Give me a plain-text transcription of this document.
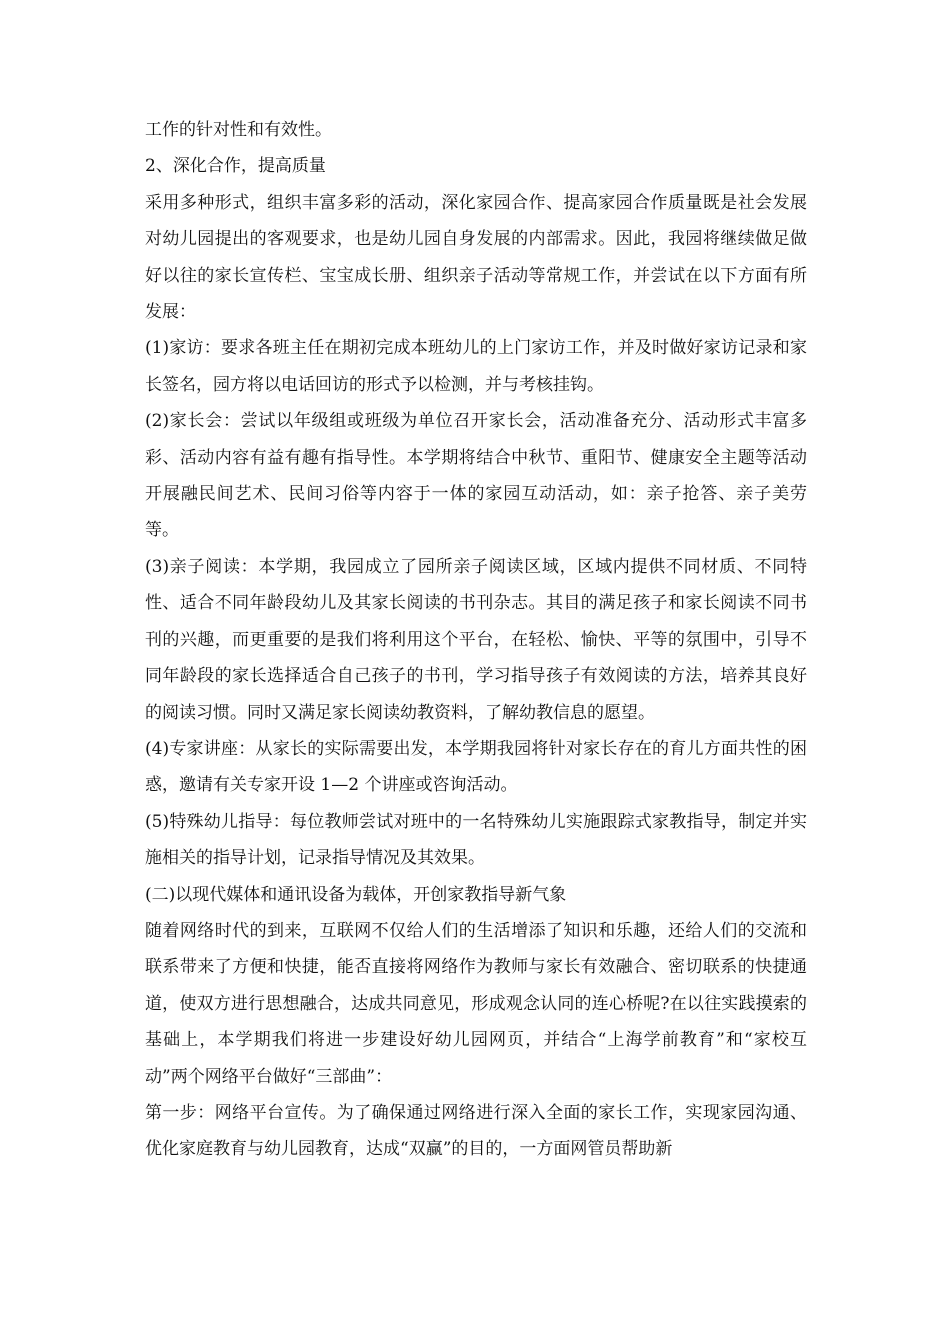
工作的针对性和有效性。

2、深化合作，提高质量

采用多种形式，组织丰富多彩的活动，深化家园合作、提高家园合作质量既是社会发展对幼儿园提出的客观要求，也是幼儿园自身发展的内部需求。因此，我园将继续做足做好以往的家长宣传栏、宝宝成长册、组织亲子活动等常规工作，并尝试在以下方面有所发展：

(1)家访：要求各班主任在期初完成本班幼儿的上门家访工作，并及时做好家访记录和家长签名，园方将以电话回访的形式予以检测，并与考核挂钩。

(2)家长会：尝试以年级组或班级为单位召开家长会，活动准备充分、活动形式丰富多彩、活动内容有益有趣有指导性。本学期将结合中秋节、重阳节、健康安全主题等活动开展融民间艺术、民间习俗等内容于一体的家园互动活动，如：亲子抢答、亲子美劳等。

(3)亲子阅读：本学期，我园成立了园所亲子阅读区域，区域内提供不同材质、不同特性、适合不同年龄段幼儿及其家长阅读的书刊杂志。其目的满足孩子和家长阅读不同书刊的兴趣，而更重要的是我们将利用这个平台，在轻松、愉快、平等的氛围中，引导不同年龄段的家长选择适合自己孩子的书刊，学习指导孩子有效阅读的方法，培养其良好的阅读习惯。同时又满足家长阅读幼教资料，了解幼教信息的愿望。

(4)专家讲座：从家长的实际需要出发，本学期我园将针对家长存在的育儿方面共性的困惑，邀请有关专家开设 1—2 个讲座或咨询活动。

(5)特殊幼儿指导：每位教师尝试对班中的一名特殊幼儿实施跟踪式家教指导，制定并实施相关的指导计划，记录指导情况及其效果。

(二)以现代媒体和通讯设备为载体，开创家教指导新气象

随着网络时代的到来，互联网不仅给人们的生活增添了知识和乐趣，还给人们的交流和联系带来了方便和快捷，能否直接将网络作为教师与家长有效融合、密切联系的快捷通道，使双方进行思想融合，达成共同意见，形成观念认同的连心桥呢?在以往实践摸索的基础上，本学期我们将进一步建设好幼儿园网页，并结合“上海学前教育”和“家校互动”两个网络平台做好“三部曲”：

第一步：网络平台宣传。为了确保通过网络进行深入全面的家长工作，实现家园沟通、优化家庭教育与幼儿园教育，达成“双赢”的目的，一方面网管员帮助新
